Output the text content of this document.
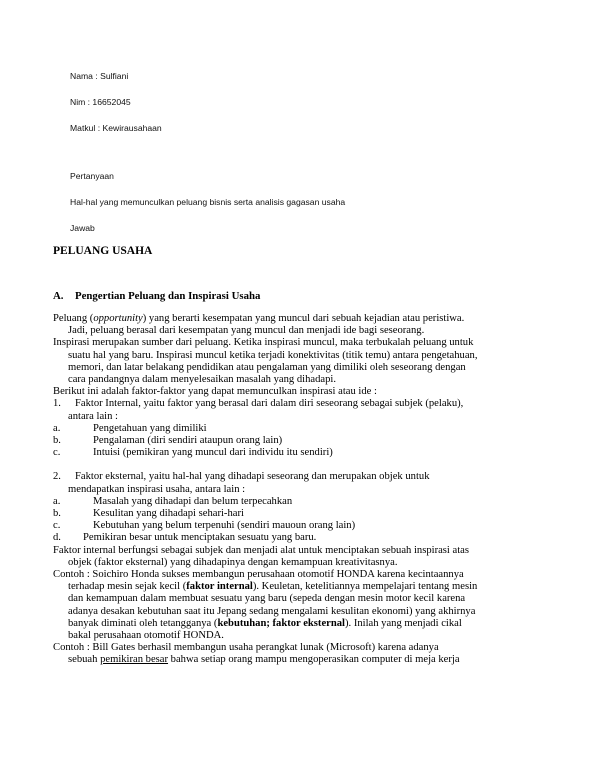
Nama : Sulfiani
Nim : 16652045
Matkul : Kewirausahaan
Pertanyaan
Hal-hal yang memunculkan peluang bisnis serta analisis gagasan usaha
Jawab
PELUANG USAHA
A. Pengertian Peluang dan Inspirasi Usaha
Peluang (opportunity) yang berarti kesempatan yang muncul dari sebuah kejadian atau peristiwa.
Jadi, peluang berasal dari kesempatan yang muncul dan menjadi ide bagi seseorang.
Inspirasi merupakan sumber dari peluang. Ketika inspirasi muncul, maka terbukalah peluang untuk
suatu hal yang baru. Inspirasi muncul ketika terjadi konektivitas (titik temu) antara pengetahuan,
memori, dan latar belakang pendidikan atau pengalaman yang dimiliki oleh seseorang dengan
cara pandangnya dalam menyelesaikan masalah yang dihadapi.
Berikut ini adalah faktor-faktor yang dapat memunculkan inspirasi atau ide :
1. Faktor Internal, yaitu faktor yang berasal dari dalam diri seseorang sebagai subjek (pelaku),
antara lain :
a.	Pengetahuan yang dimiliki
b.	Pengalaman (diri sendiri ataupun orang lain)
c.	Intuisi (pemikiran yang muncul dari individu itu sendiri)
2. Faktor eksternal, yaitu hal-hal yang dihadapi seseorang dan merupakan objek untuk
mendapatkan inspirasi usaha, antara lain :
a.	Masalah yang dihadapi dan belum terpecahkan
b.	Kesulitan yang dihadapi sehari-hari
c.	Kebutuhan yang belum terpenuhi (sendiri mauoun orang lain)
d. Pemikiran besar untuk menciptakan sesuatu yang baru.
Faktor internal berfungsi sebagai subjek dan menjadi alat untuk menciptakan sebuah inspirasi atas
objek (faktor eksternal) yang dihadapinya dengan kemampuan kreativitasnya.
Contoh : Soichiro Honda sukses membangun perusahaan otomotif HONDA karena kecintaannya
terhadap mesin sejak kecil (faktor internal). Keuletan, ketelitiannya mempelajari tentang mesin
dan kemampuan dalam membuat sesuatu yang baru (sepeda dengan mesin motor kecil karena
adanya desakan kebutuhan saat itu Jepang sedang mengalami kesulitan ekonomi) yang akhirnya
banyak diminati oleh tetangganya (kebutuhan; faktor eksternal). Inilah yang menjadi cikal
bakal perusahaan otomotif HONDA.
Contoh : Bill Gates berhasil membangun usaha perangkat lunak (Microsoft) karena adanya
sebuah pemikiran besar bahwa setiap orang mampu mengoperasikan computer di meja kerja
